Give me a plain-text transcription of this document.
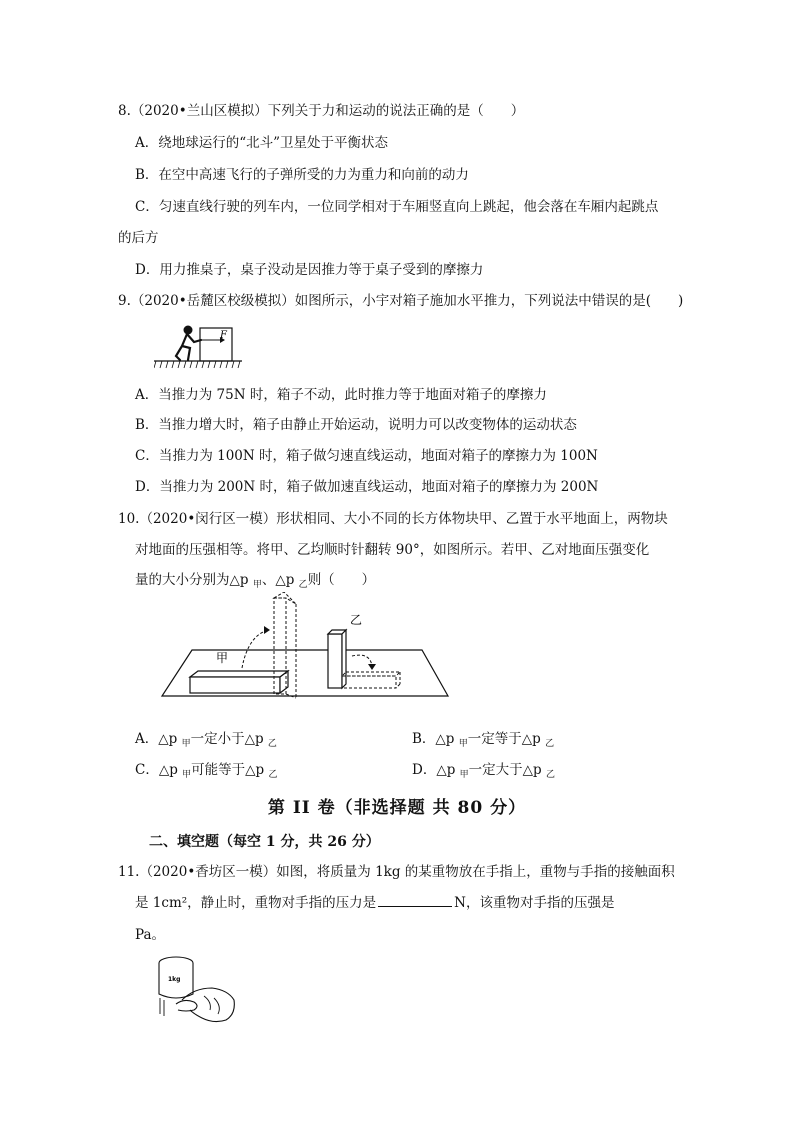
8.（2020•兰山区模拟）下列关于力和运动的说法正确的是（　　）
A．绕地球运行的“北斗”卫星处于平衡状态
B．在空中高速飞行的子弹所受的力为重力和向前的动力
C．匀速直线行驶的列车内，一位同学相对于车厢竖直向上跳起，他会落在车厢内起跳点
的后方
D．用力推桌子，桌子没动是因推力等于桌子受到的摩擦力
9.（2020•岳麓区校级模拟）如图所示，小宇对箱子施加水平推力，下列说法中错误的是(　　)
F
A．当推力为 75N 时，箱子不动，此时推力等于地面对箱子的摩擦力
B．当推力增大时，箱子由静止开始运动，说明力可以改变物体的运动状态
C．当推力为 100N 时，箱子做匀速直线运动，地面对箱子的摩擦力为 100N
D．当推力为 200N 时，箱子做加速直线运动，地面对箱子的摩擦力为 200N
10.（2020•闵行区一模）形状相同、大小不同的长方体物块甲、乙置于水平地面上，两物块
对地面的压强相等。将甲、乙均顺时针翻转 90°，如图所示。若甲、乙对地面压强变化
量的大小分别为△p $_甲$、△p $_乙$则（　　）
甲
乙
A．△p $_甲$一定小于△p $_乙$	B．△p $_甲$一定等于△p $_乙$
C．△p $_甲$可能等于△p $_乙$	D．△p $_甲$一定大于△p $_乙$
第 II 卷（非选择题 共 80 分）
二、填空题（每空 1 分，共 26 分）
11.（2020•香坊区一模）如图，将质量为 1kg 的某重物放在手指上，重物与手指的接触面积
是 1cm²，静止时，重物对手指的压力是	N，该重物对手指的压强是
Pa。
1kg
